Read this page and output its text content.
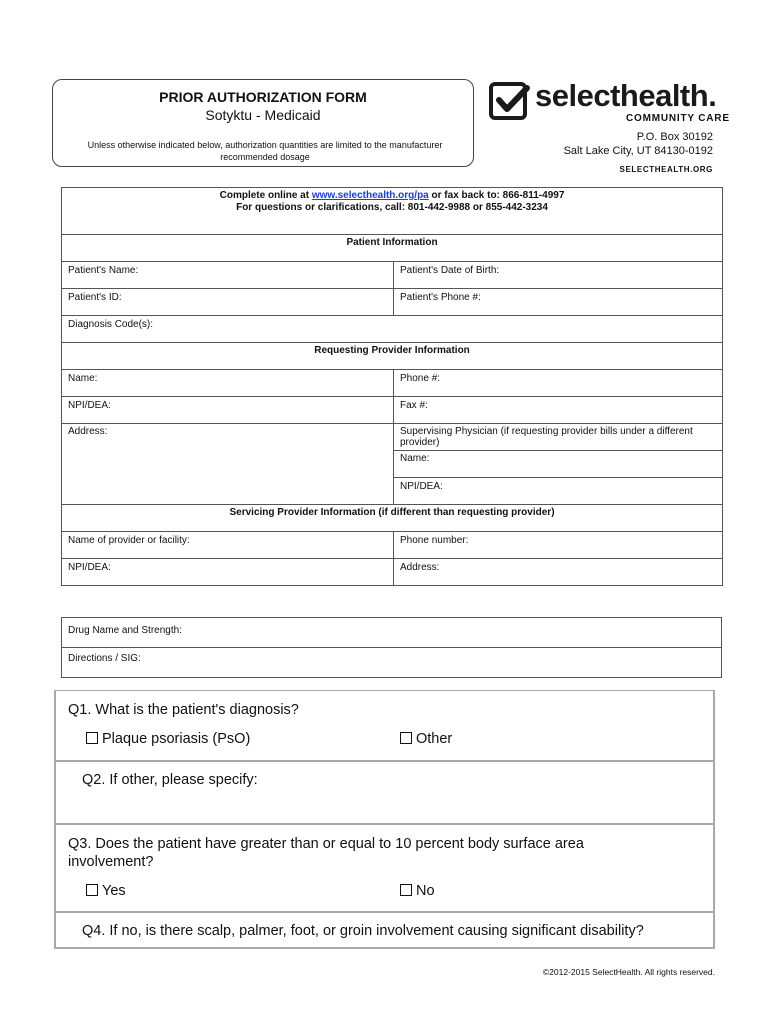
PRIOR AUTHORIZATION FORM
Sotyktu - Medicaid
Unless otherwise indicated below, authorization quantities are limited to the manufacturer recommended dosage
selecthealth.
COMMUNITY CARE
P.O. Box 30192
Salt Lake City, UT 84130-0192
SELECTHEALTH.ORG
Complete online at www.selecthealth.org/pa or fax back to: 866-811-4997
For questions or clarifications, call: 801-442-9988 or 855-442-3234	
Patient Information	
Patient's Name:	Patient's Date of Birth:
Patient's ID:	Patient's Phone #:
Diagnosis Code(s):	
Requesting Provider Information	
Name:	Phone #:
NPI/DEA:	Fax #:
Address:	Supervising Physician (if requesting provider bills under a different provider)
	Name:
	NPI/DEA:
Servicing Provider Information (if different than requesting provider)	
Name of provider or facility:	Phone number:
NPI/DEA:	Address:
Drug Name and Strength:
Directions / SIG:
Q1. What is the patient's diagnosis?
Plaque psoriasis (PsO)	Other
Q2. If other, please specify:
Q3. Does the patient have greater than or equal to 10 percent body surface area
involvement?
Yes	No
Q4. If no, is there scalp, palmer, foot, or groin involvement causing significant disability?
©2012-2015 SelectHealth. All rights reserved.
